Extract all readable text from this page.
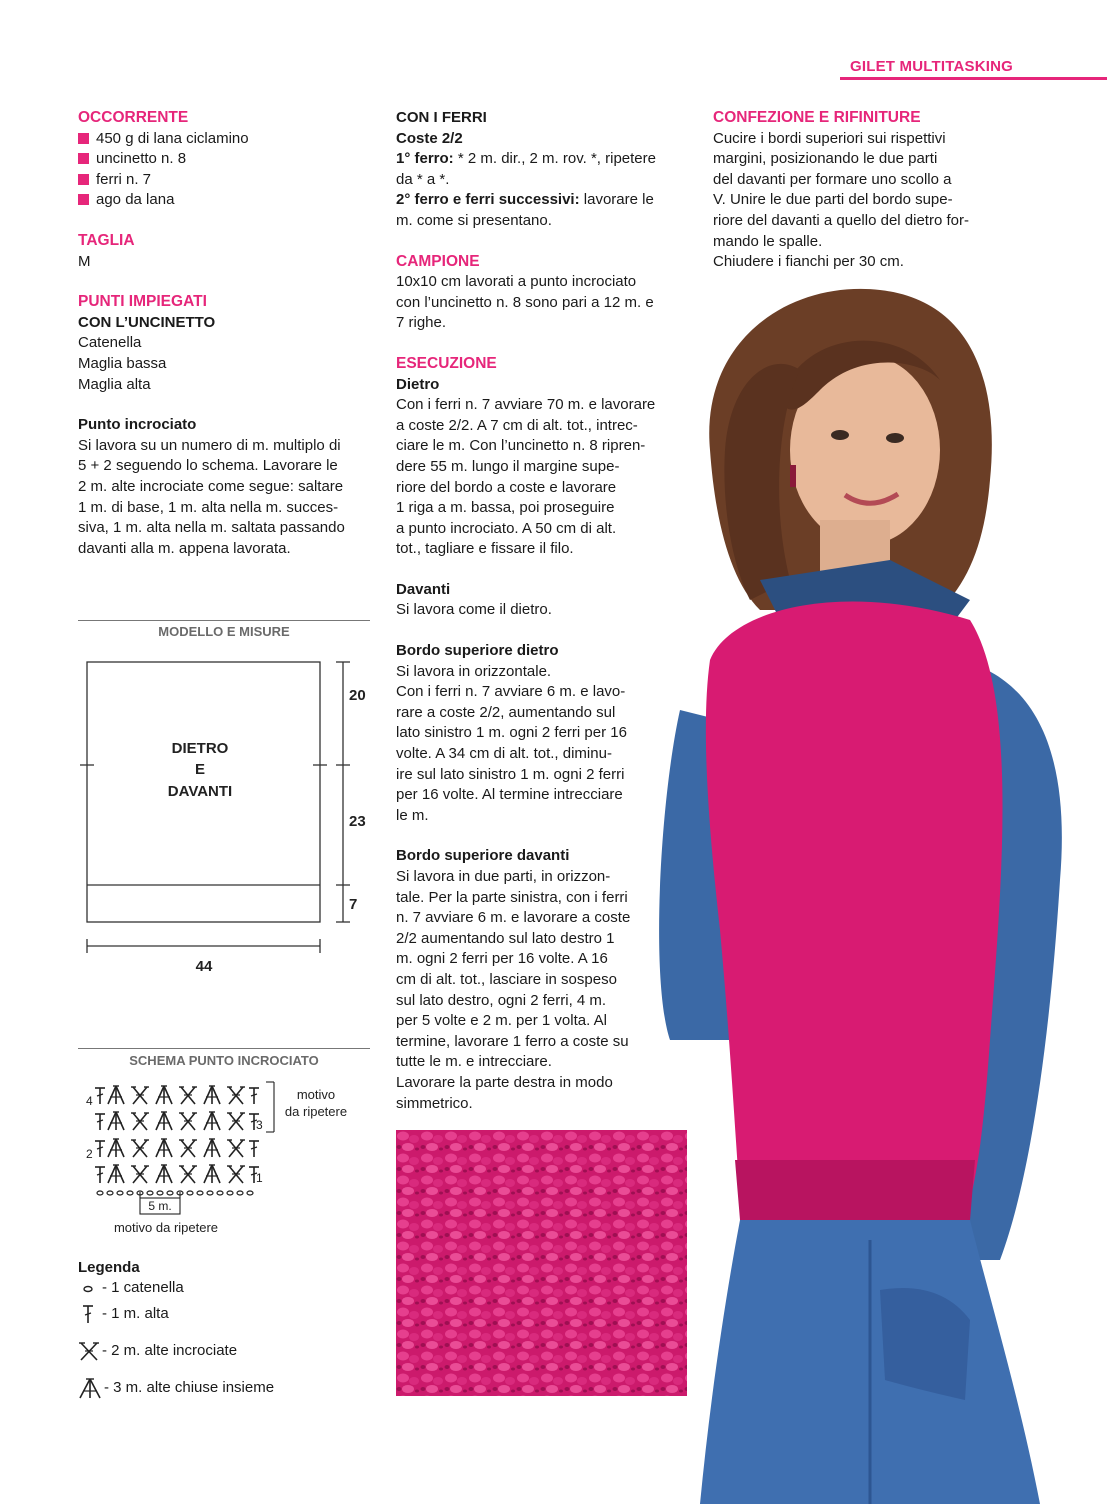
GILET MULTITASKING

OCCORRENTE

450 g di lana ciclamino

uncinetto n. 8

ferri n. 7

ago da lana

TAGLIA

M

PUNTI IMPIEGATI

CON L’UNCINETTO

Catenella

Maglia bassa

Maglia alta

Punto incrociato

Si lavora su un numero di m. multiplo di

5 + 2 seguendo lo schema. Lavorare le

2 m. alte incrociate come segue: saltare

1 m. di base, 1 m. alta nella m. succes-

siva, 1 m. alta nella m. saltata passando

davanti alla m. appena lavorata.

MODELLO E MISURE
DIETRO
E
DAVANTI
20
23
7
44
SCHEMA PUNTO INCROCIATO
4
3
2
1
motivo
da ripetere
5 m.
motivo da ripetere

Legenda

- 1 catenella
- 1 m. alta
- 2 m. alte incrociate
- 3 m. alte chiuse insieme

CON I FERRI

Coste 2/2

1° ferro: * 2 m. dir., 2 m. rov. *, ripetere

da * a *.

2° ferro e ferri successivi: lavorare le

m. come si presentano.

CAMPIONE

10x10 cm lavorati a punto incrociato

con l’uncinetto n. 8 sono pari a 12 m. e

7 righe.

ESECUZIONE

Dietro

Con i ferri n. 7 avviare 70 m. e lavorare

a coste 2/2. A 7 cm di alt. tot., intrec-

ciare le m. Con l’uncinetto n. 8 ripren-

dere 55 m. lungo il margine supe-

riore del bordo a coste e lavorare

1 riga a m. bassa, poi proseguire

a punto incrociato. A 50 cm di alt.

tot., tagliare e fissare il filo.

Davanti

Si lavora come il dietro.

Bordo superiore dietro

Si lavora in orizzontale.

Con i ferri n. 7 avviare 6 m. e lavo-

rare a coste 2/2, aumentando sul

lato sinistro 1 m. ogni 2 ferri per 16

volte. A 34 cm di alt. tot., diminu-

ire sul lato sinistro 1 m. ogni 2 ferri

per 16 volte. Al termine intrecciare

le m.

Bordo superiore davanti

Si lavora in due parti, in orizzon-

tale. Per la parte sinistra, con i ferri

n. 7 avviare 6 m. e lavorare a coste

2/2 aumentando sul lato destro 1

m. ogni 2 ferri per 16 volte. A 16

cm di alt. tot., lasciare in sospeso

sul lato destro, ogni 2 ferri, 4 m.

per 5 volte e 2 m. per 1 volta. Al

termine, lavorare 1 ferro a coste su

tutte le m. e intrecciare.

Lavorare la parte destra in modo

simmetrico.

CONFEZIONE E RIFINITURE

Cucire i bordi superiori sui rispettivi

margini, posizionando le due parti

del davanti per formare uno scollo a

V. Unire le due parti del bordo supe-

riore del davanti a quello del dietro for-

mando le spalle.

Chiudere i fianchi per 30 cm.
